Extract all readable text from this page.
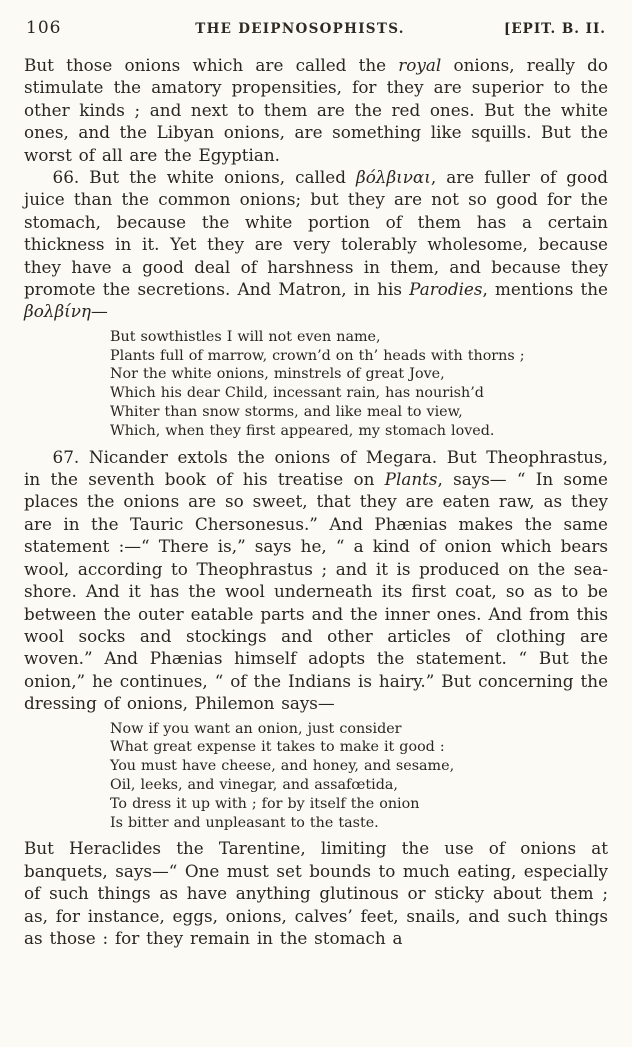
106	THE DEIPNOSOPHISTS.	[EPIT. B. II.

But those onions which are called the royal onions, really do stimulate the amatory propensities, for they are superior to the other kinds ; and next to them are the red ones. But the white ones, and the Libyan onions, are something like squills. But the worst of all are the Egyptian.

66. But the white onions, called βόλβιναι, are fuller of good juice than the common onions; but they are not so good for the stomach, because the white portion of them has a certain thickness in it. Yet they are very tolerably wholesome, because they have a good deal of harshness in them, and because they promote the secretions. And Matron, in his Parodies, mentions the βολβίνη—

But sowthistles I will not even name,
Plants full of marrow, crown’d on th’ heads with thorns ;
Nor the white onions, minstrels of great Jove,
Which his dear Child, incessant rain, has nourish’d
Whiter than snow storms, and like meal to view,
Which, when they first appeared, my stomach loved.

67. Nicander extols the onions of Megara. But Theophrastus, in the seventh book of his treatise on Plants, says— “ In some places the onions are so sweet, that they are eaten raw, as they are in the Tauric Chersonesus.” And Phænias makes the same statement :—“ There is,” says he, “ a kind of onion which bears wool, according to Theophrastus ; and it is produced on the sea-shore. And it has the wool underneath its first coat, so as to be between the outer eatable parts and the inner ones. And from this wool socks and stockings and other articles of clothing are woven.” And Phænias himself adopts the statement. “ But the onion,” he continues, “ of the Indians is hairy.” But concerning the dressing of onions, Philemon says—

Now if you want an onion, just consider
What great expense it takes to make it good :
You must have cheese, and honey, and sesame,
Oil, leeks, and vinegar, and assafœtida,
To dress it up with ; for by itself the onion
Is bitter and unpleasant to the taste.

But Heraclides the Tarentine, limiting the use of onions at banquets, says—“ One must set bounds to much eating, especially of such things as have anything glutinous or sticky about them ; as, for instance, eggs, onions, calves’ feet, snails, and such things as those : for they remain in the stomach a
